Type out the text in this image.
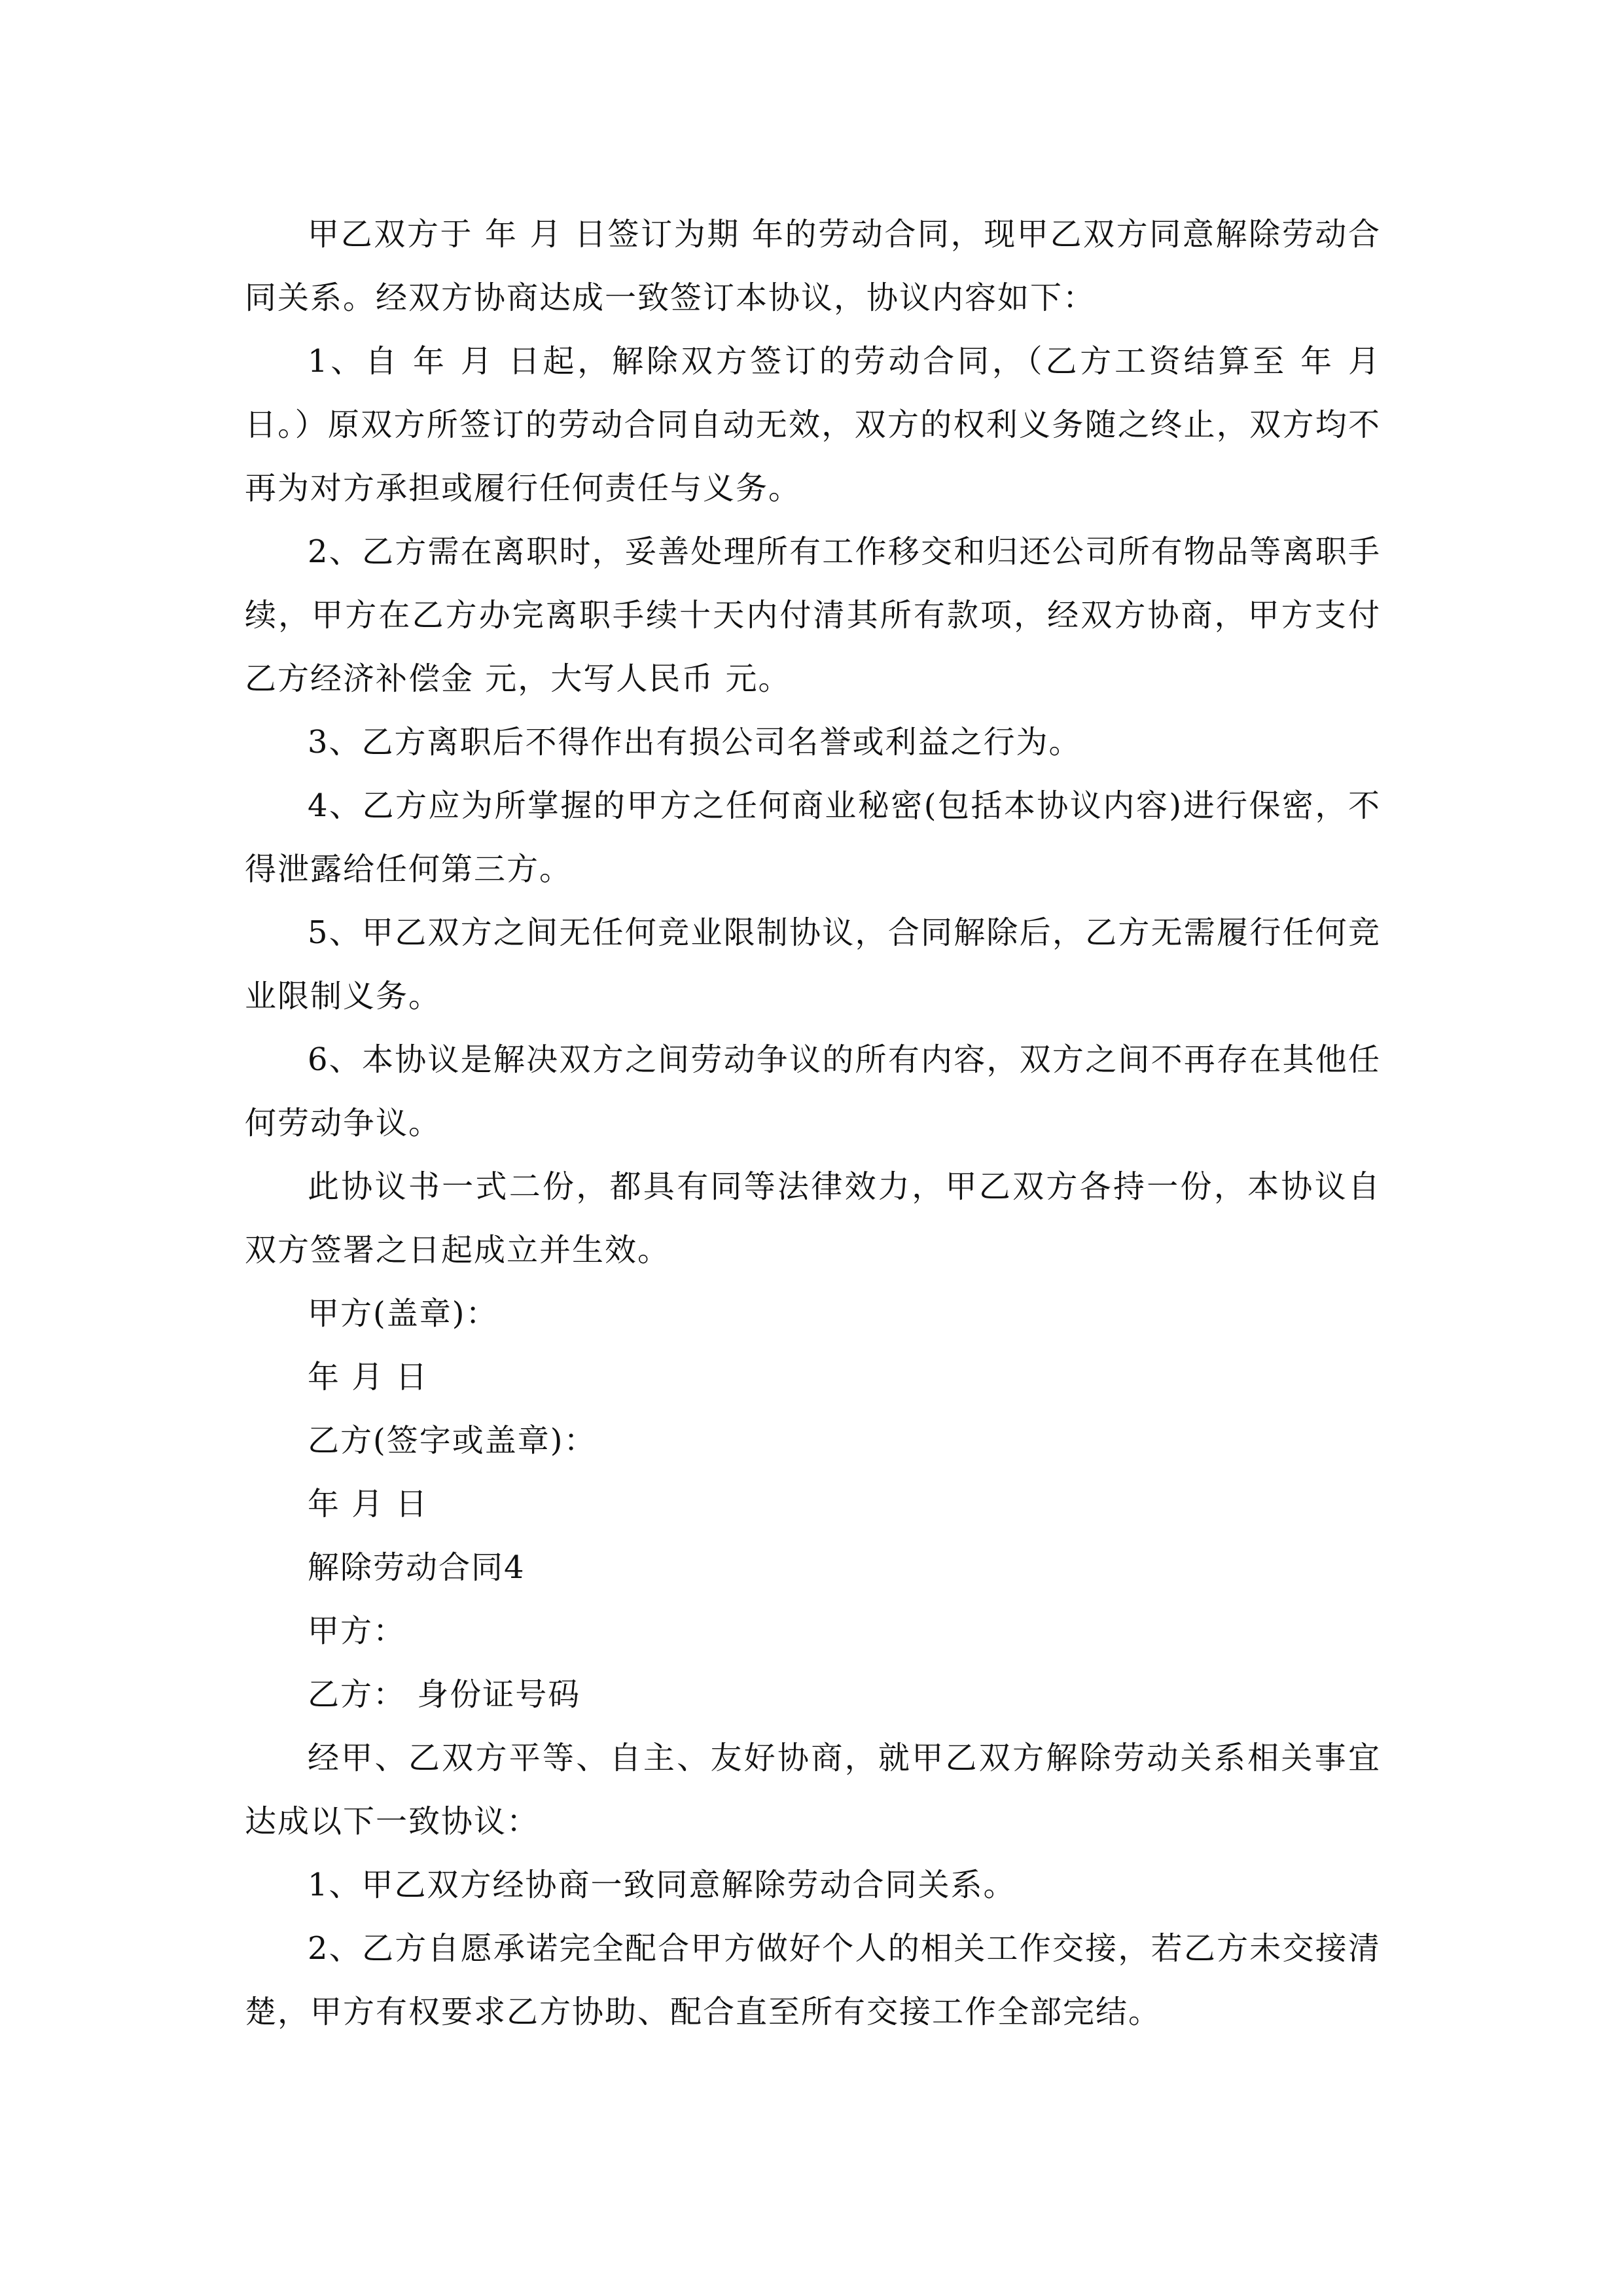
甲乙双方于 年 月 日签订为期 年的劳动合同，现甲乙双方同意解除劳动合同关系。经双方协商达成一致签订本协议，协议内容如下：

1、自 年 月 日起，解除双方签订的劳动合同，（乙方工资结算至 年 月 日。）原双方所签订的劳动合同自动无效，双方的权利义务随之终止，双方均不再为对方承担或履行任何责任与义务。

2、乙方需在离职时，妥善处理所有工作移交和归还公司所有物品等离职手续，甲方在乙方办完离职手续十天内付清其所有款项，经双方协商，甲方支付乙方经济补偿金 元，大写人民币 元。

3、乙方离职后不得作出有损公司名誉或利益之行为。

4、乙方应为所掌握的甲方之任何商业秘密(包括本协议内容)进行保密，不得泄露给任何第三方。

5、甲乙双方之间无任何竞业限制协议，合同解除后，乙方无需履行任何竞业限制义务。

6、本协议是解决双方之间劳动争议的所有内容，双方之间不再存在其他任何劳动争议。

此协议书一式二份，都具有同等法律效力，甲乙双方各持一份，本协议自双方签署之日起成立并生效。

甲方(盖章)：

年 月 日

乙方(签字或盖章)：

年 月 日

解除劳动合同4

甲方：

乙方： 身份证号码

经甲、乙双方平等、自主、友好协商，就甲乙双方解除劳动关系相关事宜达成以下一致协议：

1、甲乙双方经协商一致同意解除劳动合同关系。

2、乙方自愿承诺完全配合甲方做好个人的相关工作交接，若乙方未交接清楚，甲方有权要求乙方协助、配合直至所有交接工作全部完结。
